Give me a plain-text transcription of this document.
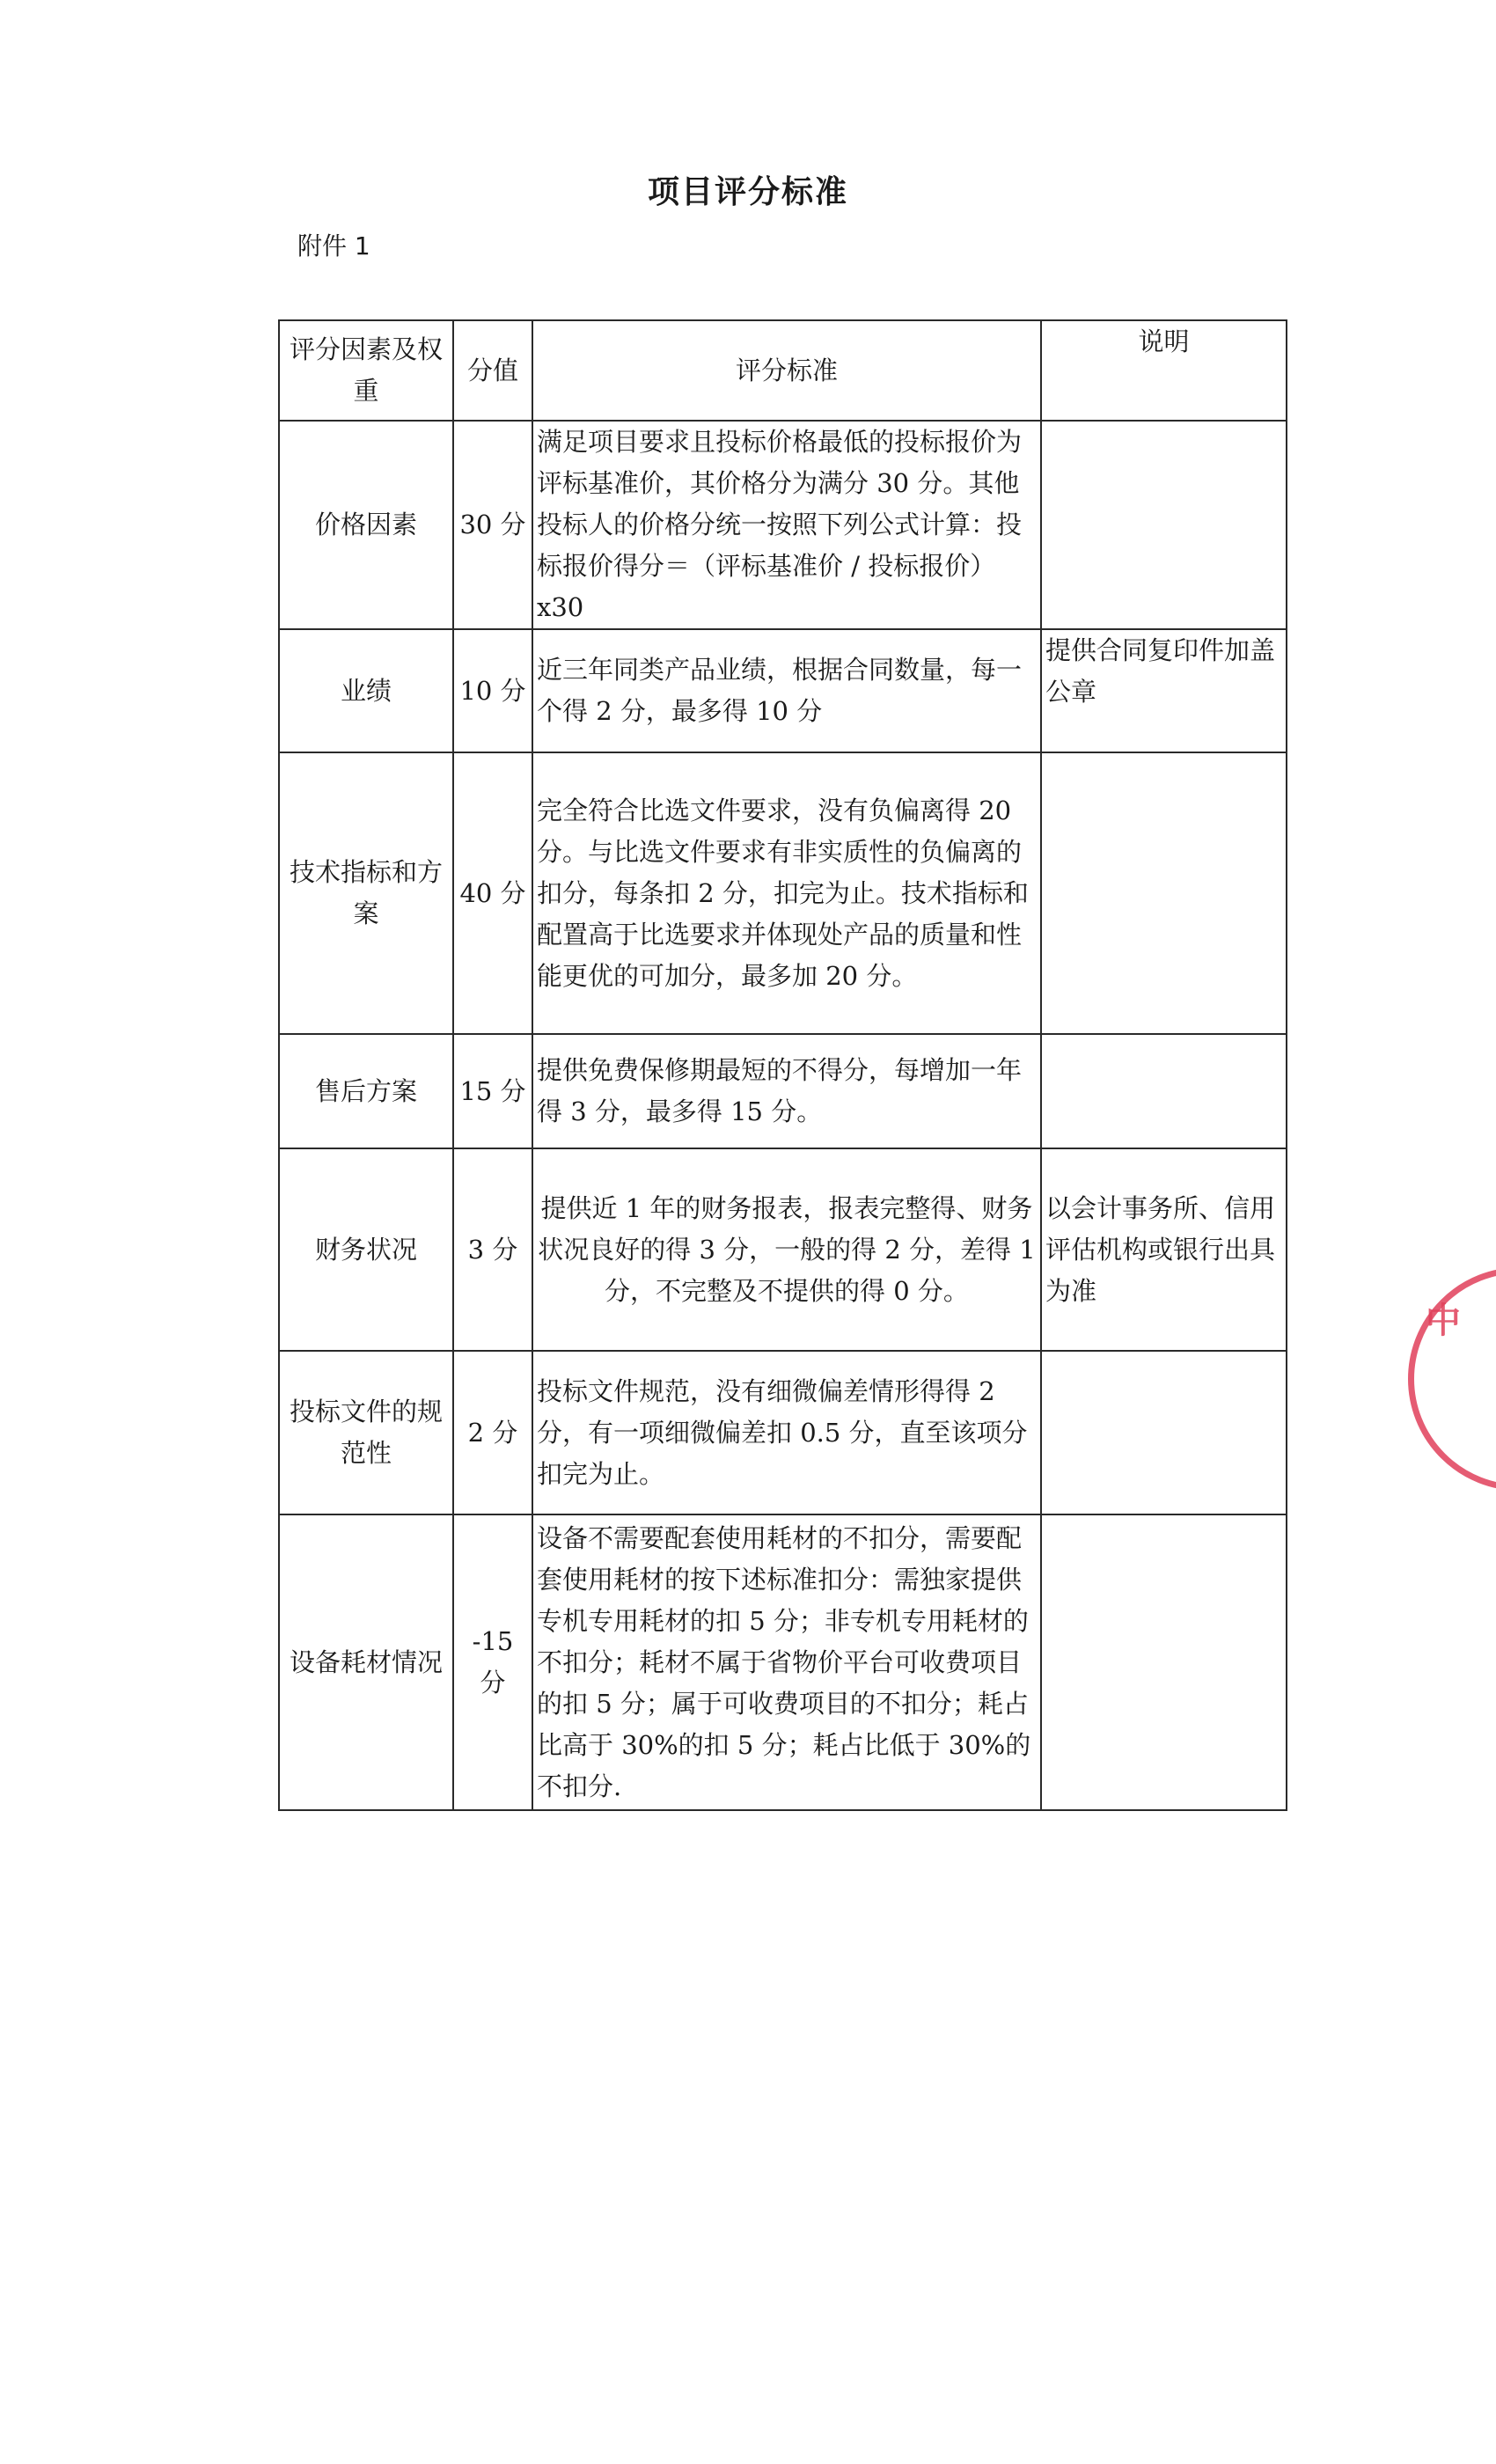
项目评分标准
附件 1
评分因素及权重	分值	评分标准	说明
价格因素	30 分	满足项目要求且投标价格最低的投标报价为评标基准价，其价格分为满分 30 分。其他投标人的价格分统一按照下列公式计算：投标报价得分＝（评标基准价 / 投标报价）x30	
业绩	10 分	近三年同类产品业绩，根据合同数量，每一个得 2 分，最多得 10 分	提供合同复印件加盖公章
技术指标和方案	40 分	完全符合比选文件要求，没有负偏离得 20 分。与比选文件要求有非实质性的负偏离的扣分，每条扣 2 分，扣完为止。技术指标和配置高于比选要求并体现处产品的质量和性能更优的可加分，最多加 20 分。	
售后方案	15 分	提供免费保修期最短的不得分，每增加一年得 3 分，最多得 15 分。	
财务状况	3 分	提供近 1 年的财务报表，报表完整得、财务状况良好的得 3 分，一般的得 2 分，差得 1 分，不完整及不提供的得 0 分。	以会计事务所、信用评估机构或银行出具为准
投标文件的规范性	2 分	投标文件规范，没有细微偏差情形得得 2 分，有一项细微偏差扣 0.5 分，直至该项分扣完为止。	
设备耗材情况	-15 分	设备不需要配套使用耗材的不扣分，需要配套使用耗材的按下述标准扣分：需独家提供专机专用耗材的扣 5 分；非专机专用耗材的不扣分；耗材不属于省物价平台可收费项目的扣 5 分；属于可收费项目的不扣分；耗占比高于 30%的扣 5 分；耗占比低于 30%的不扣分.	
中
